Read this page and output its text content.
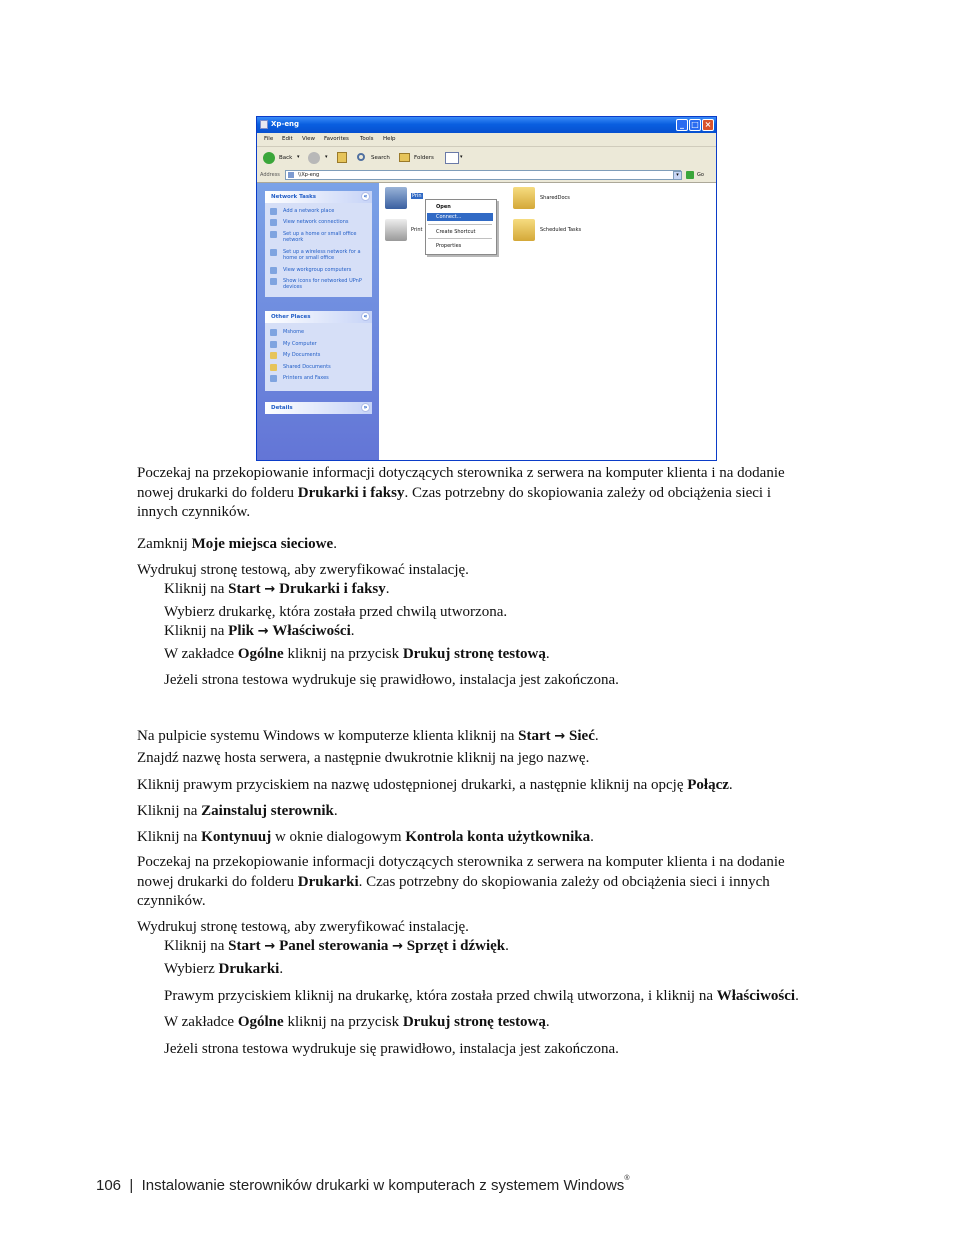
Xp-eng	_ □ ×
File Edit View Favorites Tools Help
Back ▾	▾	Search	Folders	▾
Address	\\Xp-eng	▾	Go
Network Tasks	«
Add a network place
View network connections
Set up a home or small office network
Set up a wireless network for a home or small office
View workgroup computers
Show icons for networked UPnP devices
Other Places	«
Mshome
My Computer
My Documents
Shared Documents
Printers and Faxes
Details	»
Prin
Print
SharedDocs
Scheduled Tasks
Open
Connect...
Create Shortcut
Properties
Poczekaj na przekopiowanie informacji dotyczących sterownika z serwera na komputer klienta i na dodanie
nowej drukarki do folderu Drukarki i faksy. Czas potrzebny do skopiowania zależy od obciążenia sieci i
innych czynników.
Zamknij Moje miejsca sieciowe.
Wydrukuj stronę testową, aby zweryfikować instalację.
Kliknij na Start → Drukarki i faksy.
Wybierz drukarkę, która została przed chwilą utworzona.
Kliknij na Plik → Właściwości.
W zakładce Ogólne kliknij na przycisk Drukuj stronę testową.
Jeżeli strona testowa wydrukuje się prawidłowo, instalacja jest zakończona.
Na pulpicie systemu Windows w komputerze klienta kliknij na Start → Sieć.
Znajdź nazwę hosta serwera, a następnie dwukrotnie kliknij na jego nazwę.
Kliknij prawym przyciskiem na nazwę udostępnionej drukarki, a następnie kliknij na opcję Połącz.
Kliknij na Zainstaluj sterownik.
Kliknij na Kontynuuj w oknie dialogowym Kontrola konta użytkownika.
Poczekaj na przekopiowanie informacji dotyczących sterownika z serwera na komputer klienta i na dodanie
nowej drukarki do folderu Drukarki. Czas potrzebny do skopiowania zależy od obciążenia sieci i innych
czynników.
Wydrukuj stronę testową, aby zweryfikować instalację.
Kliknij na Start → Panel sterowania → Sprzęt i dźwięk.
Wybierz Drukarki.
Prawym przyciskiem kliknij na drukarkę, która została przed chwilą utworzona, i kliknij na Właściwości.
W zakładce Ogólne kliknij na przycisk Drukuj stronę testową.
Jeżeli strona testowa wydrukuje się prawidłowo, instalacja jest zakończona.
106 | Instalowanie sterowników drukarki w komputerach z systemem Windows®
